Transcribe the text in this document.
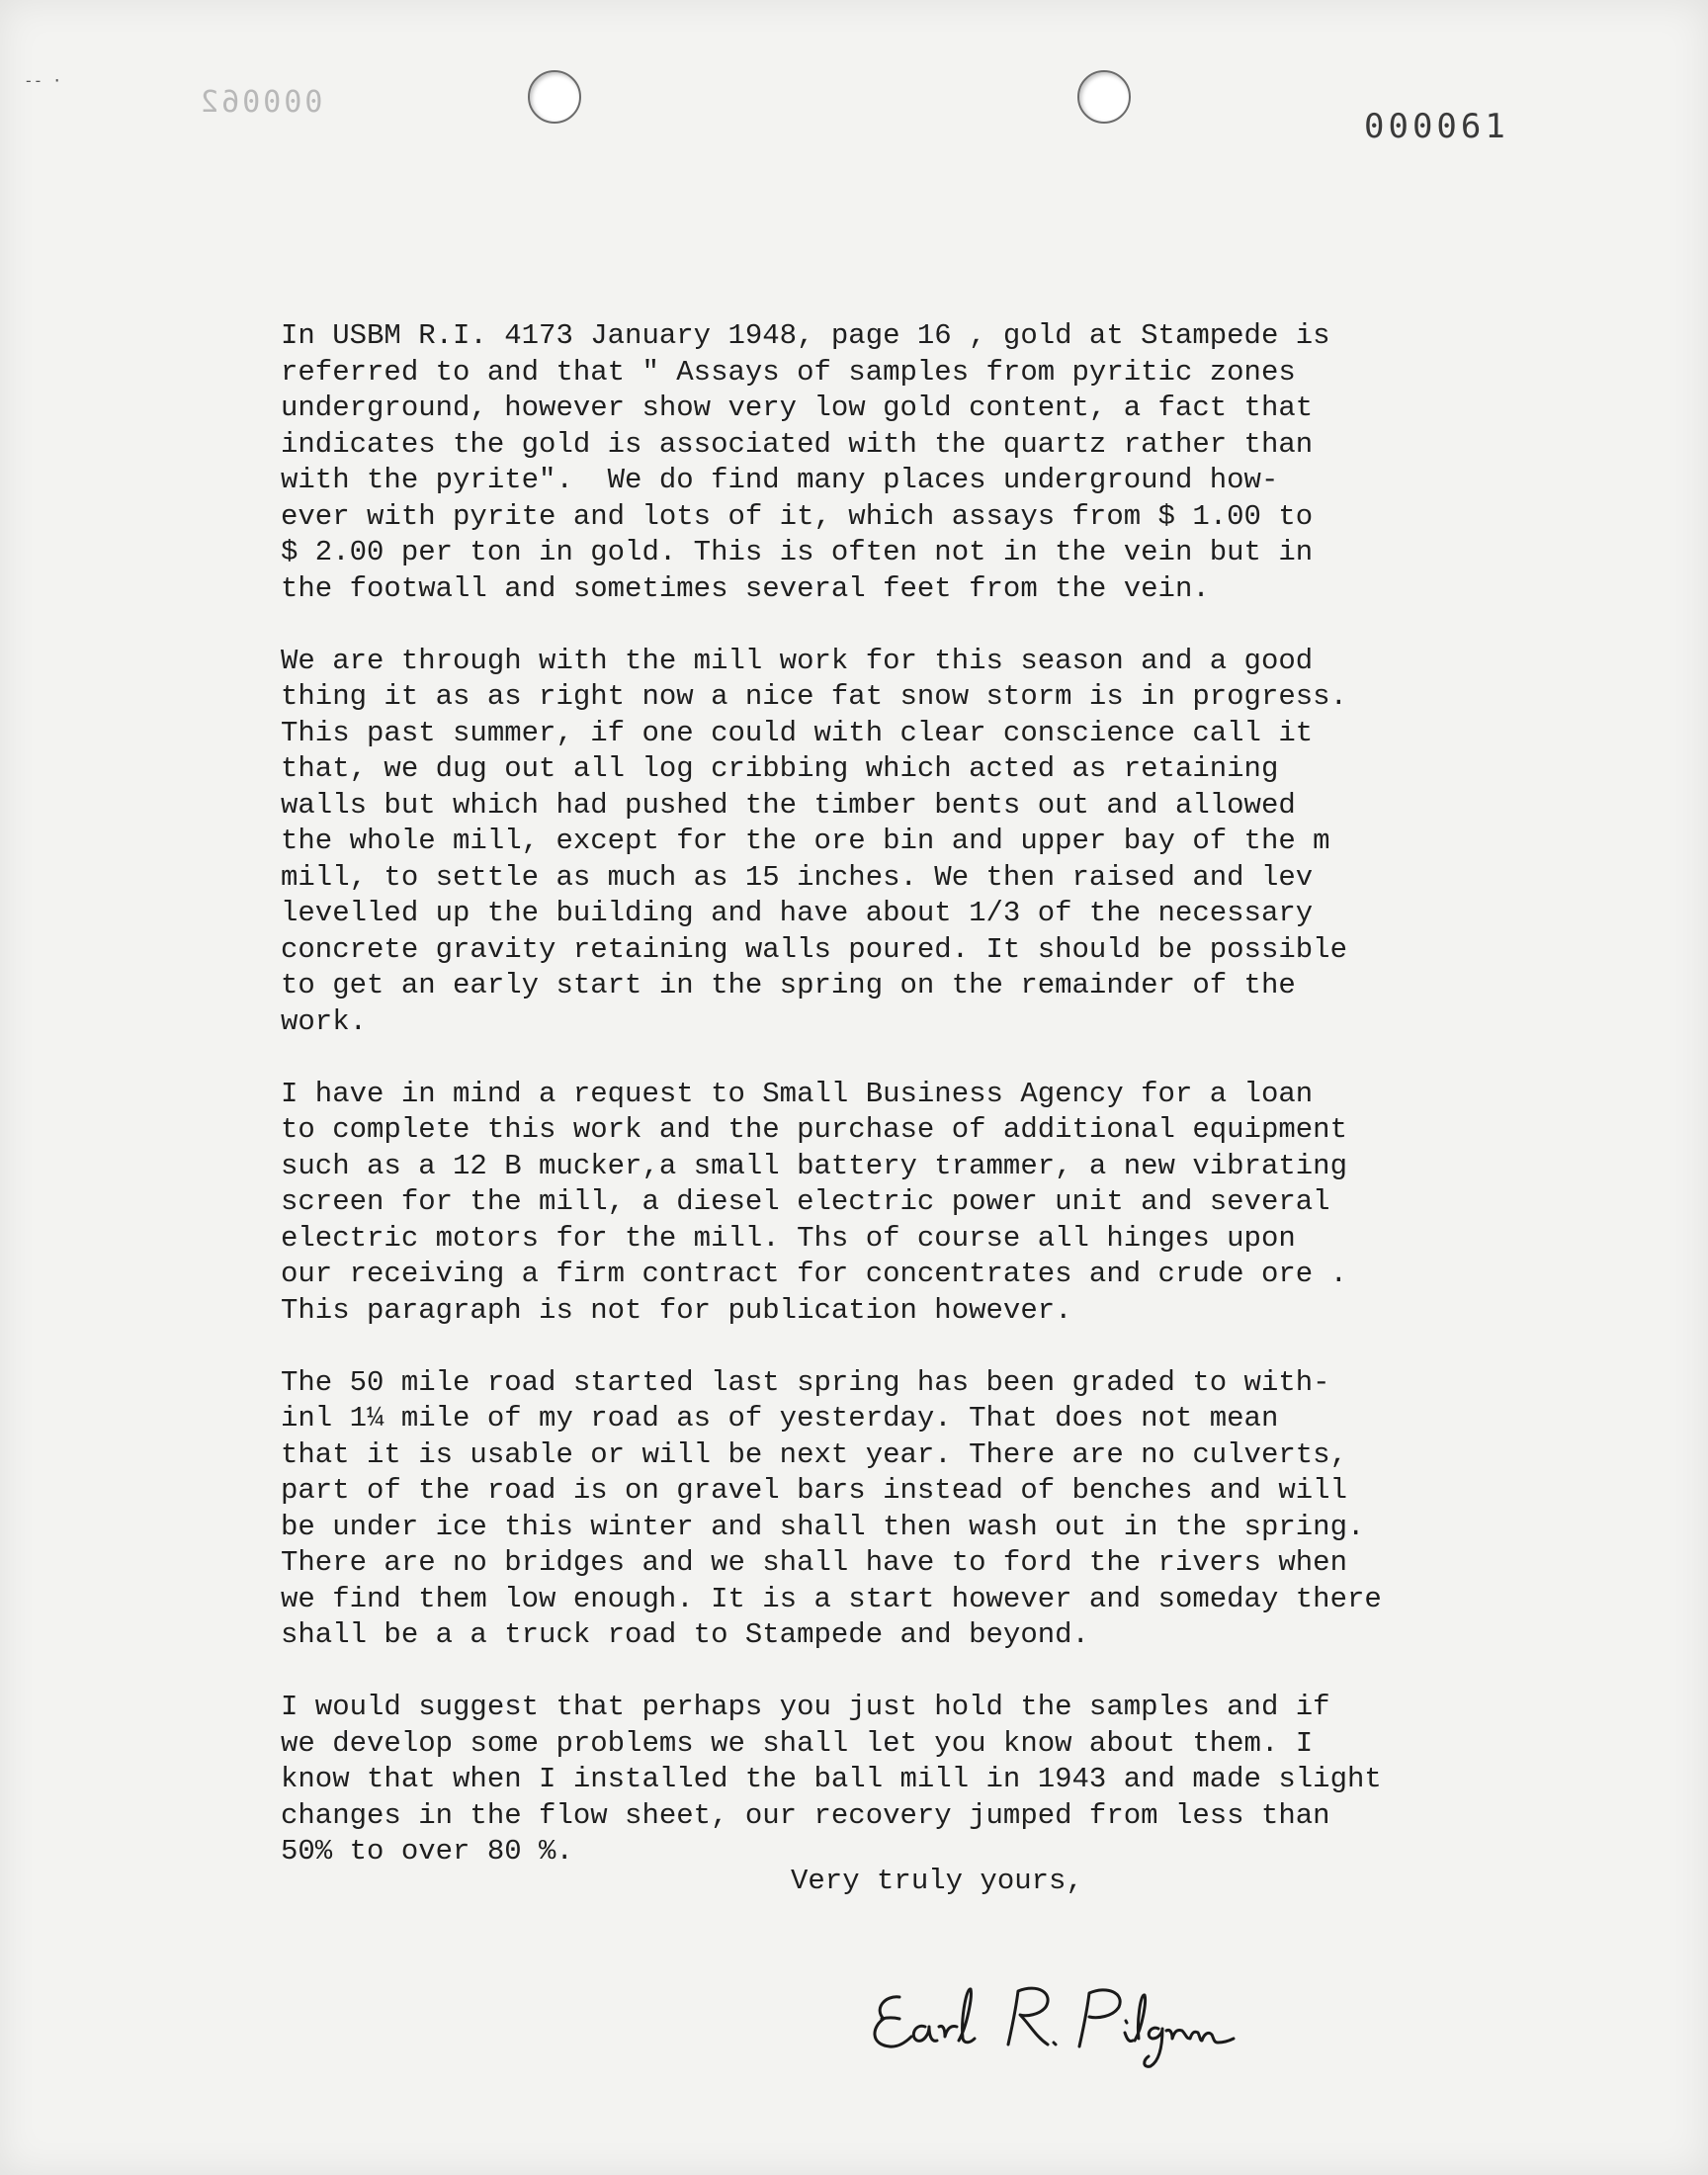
-- ·
000062
000061

In USBM R.I. 4173 January 1948, page 16 , gold at Stampede is
referred to and that " Assays of samples from pyritic zones
underground, however show very low gold content, a fact that
indicates the gold is associated with the quartz rather than
with the pyrite".  We do find many places underground how-
ever with pyrite and lots of it, which assays from $ 1.00 to
$ 2.00 per ton in gold. This is often not in the vein but in
the footwall and sometimes several feet from the vein.

We are through with the mill work for this season and a good
thing it as as right now a nice fat snow storm is in progress.
This past summer, if one could with clear conscience call it
that, we dug out all log cribbing which acted as retaining
walls but which had pushed the timber bents out and allowed
the whole mill, except for the ore bin and upper bay of the m
mill, to settle as much as 15 inches. We then raised and lev
levelled up the building and have about 1/3 of the necessary
concrete gravity retaining walls poured. It should be possible
to get an early start in the spring on the remainder of the
work.

I have in mind a request to Small Business Agency for a loan
to complete this work and the purchase of additional equipment
such as a 12 B mucker,a small battery trammer, a new vibrating
screen for the mill, a diesel electric power unit and several
electric motors for the mill. Ths of course all hinges upon
our receiving a firm contract for concentrates and crude ore .
This paragraph is not for publication however.

The 50 mile road started last spring has been graded to with-
inl 1¼ mile of my road as of yesterday. That does not mean
that it is usable or will be next year. There are no culverts,
part of the road is on gravel bars instead of benches and will
be under ice this winter and shall then wash out in the spring.
There are no bridges and we shall have to ford the rivers when
we find them low enough. It is a start however and someday there
shall be a a truck road to Stampede and beyond.

I would suggest that perhaps you just hold the samples and if
we develop some problems we shall let you know about them. I
know that when I installed the ball mill in 1943 and made slight
changes in the flow sheet, our recovery jumped from less than
50% to over 80 %.

Very truly yours,
